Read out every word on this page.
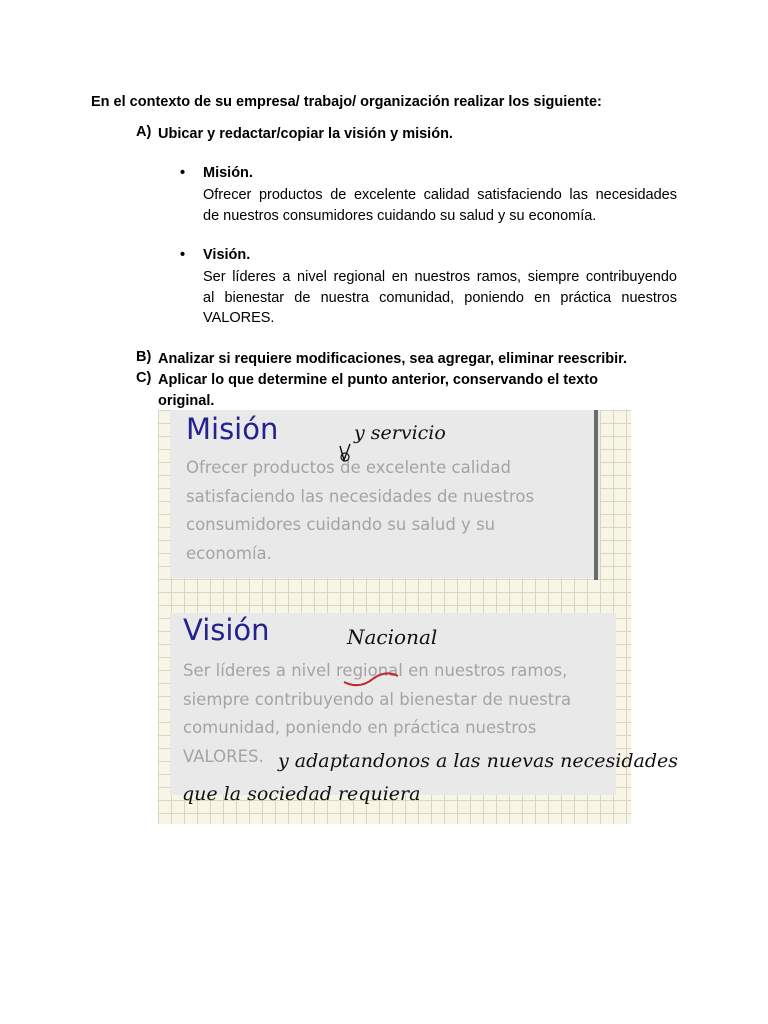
En el contexto de su empresa/ trabajo/ organización realizar los siguiente:
A) Ubicar y redactar/copiar la visión y misión.
• Misión.
Ofrecer productos de excelente calidad satisfaciendo las necesidades
de nuestros consumidores cuidando su salud y su economía.
• Visión.
Ser líderes a nivel regional en nuestros ramos, siempre contribuyendo
al bienestar de nuestra comunidad, poniendo en práctica nuestros
VALORES.
B) Analizar si requiere modificaciones, sea agregar, eliminar reescribir.
C) Aplicar lo que determine el punto anterior, conservando el texto
original.
Misión
Ofrecer productos de excelente calidad
satisfaciendo las necesidades de nuestros
consumidores cuidando su salud y su
economía.
y servicio
Visión
Ser líderes a nivel regional en nuestros ramos,
siempre contribuyendo al bienestar de nuestra
comunidad, poniendo en práctica nuestros
VALORES.
Nacional
y adaptandonos a las nuevas necesidades
que la sociedad requiera
